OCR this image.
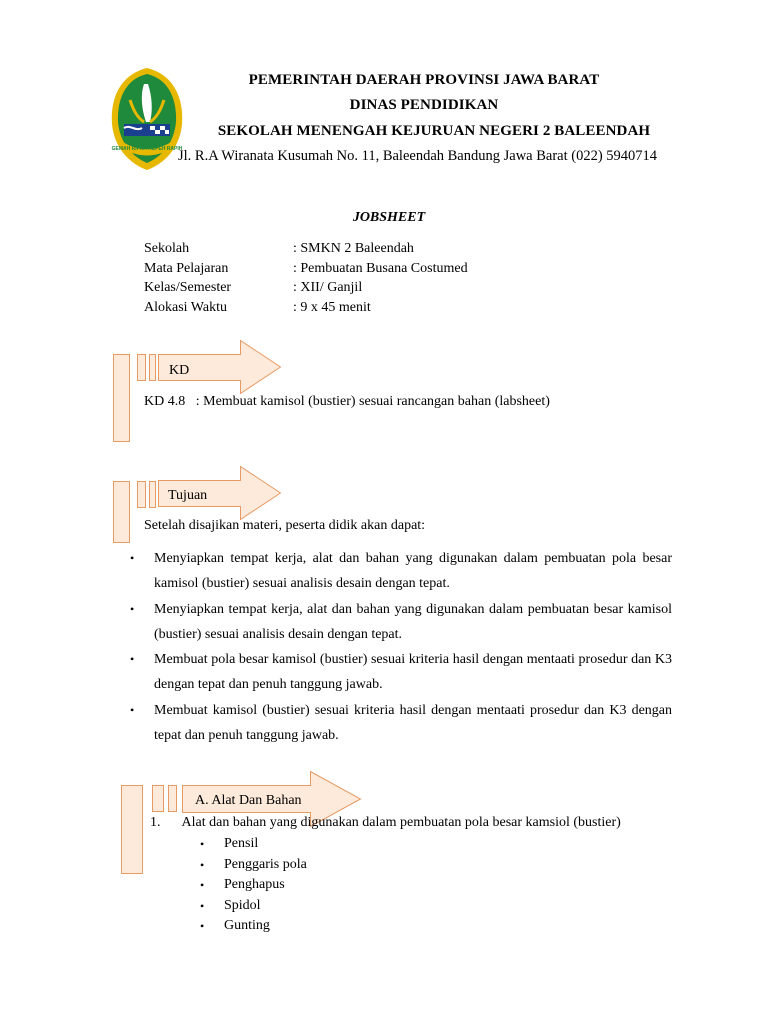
GEMAH RIPAH REPEH RAPIH
PEMERINTAH DAERAH PROVINSI JAWA BARAT
DINAS PENDIDIKAN
SEKOLAH MENENGAH KEJURUAN NEGERI 2 BALEENDAH
Jl. R.A Wiranata Kusumah No. 11, Baleendah Bandung Jawa Barat (022) 5940714
JOBSHEET
Sekolah	: SMKN 2 Baleendah
Mata Pelajaran	: Pembuatan Busana Costumed
Kelas/Semester	: XII/ Ganjil
Alokasi Waktu	: 9 x 45 menit
KD
KD 4.8 : Membuat kamisol (bustier) sesuai rancangan bahan (labsheet)
Tujuan
Setelah disajikan materi, peserta didik akan dapat:
• Menyiapkan tempat kerja, alat dan bahan yang digunakan dalam pembuatan pola besar kamisol (bustier) sesuai analisis desain dengan tepat.
• Menyiapkan tempat kerja, alat dan bahan yang digunakan dalam pembuatan besar kamisol (bustier) sesuai analisis desain dengan tepat.
• Membuat pola besar kamisol (bustier) sesuai kriteria hasil dengan mentaati prosedur dan K3 dengan tepat dan penuh tanggung jawab.
• Membuat kamisol (bustier) sesuai kriteria hasil dengan mentaati prosedur dan K3 dengan tepat dan penuh tanggung jawab.
A. Alat Dan Bahan
1. Alat dan bahan yang digunakan dalam pembuatan pola besar kamsiol (bustier)
• Pensil
• Penggaris pola
• Penghapus
• Spidol
• Gunting
